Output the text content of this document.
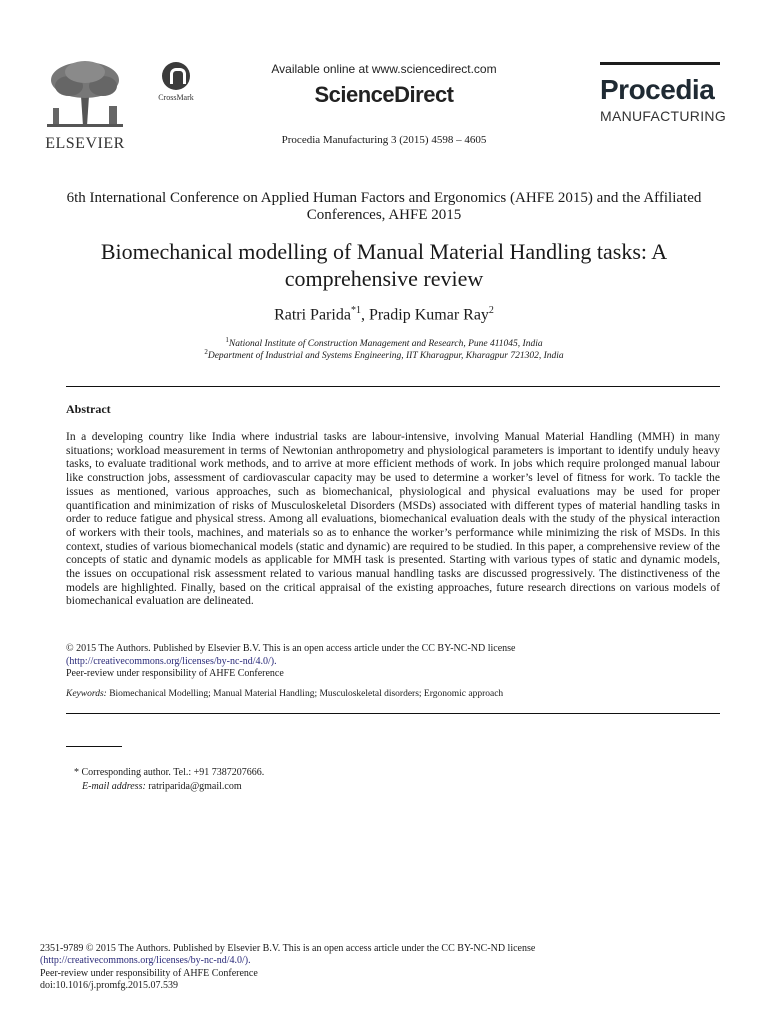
ELSEVIER
CrossMark
Available online at www.sciencedirect.com
ScienceDirect
Procedia Manufacturing 3 (2015) 4598 – 4605
Procedia
MANUFACTURING
6th International Conference on Applied Human Factors and Ergonomics (AHFE 2015) and the Affiliated Conferences, AHFE 2015
Biomechanical modelling of Manual Material Handling tasks: A comprehensive review
Ratri Parida$^{*1}$, Pradip Kumar Ray$^2$
$^1$National Institute of Construction Management and Research, Pune 411045, India
$^2$Department of Industrial and Systems Engineering, IIT Kharagpur, Kharagpur 721302, India
Abstract
In a developing country like India where industrial tasks are labour-intensive, involving Manual Material Handling (MMH) in many situations; workload measurement in terms of Newtonian anthropometry and physiological parameters is important to identify unduly heavy tasks, to evaluate traditional work methods, and to arrive at more efficient methods of work. In jobs which require prolonged manual labour like construction jobs, assessment of cardiovascular capacity may be used to determine a worker’s level of fitness for work. To tackle the issues as mentioned, various approaches, such as biomechanical, physiological and physical evaluations may be used for proper quantification and minimization of risks of Musculoskeletal Disorders (MSDs) associated with different types of material handling tasks in order to reduce fatigue and physical stress. Among all evaluations, biomechanical evaluation deals with the study of the physical interaction of workers with their tools, machines, and materials so as to enhance the worker’s performance while minimizing the risk of MSDs. In this context, studies of various biomechanical models (static and dynamic) are required to be studied. In this paper, a comprehensive review of the concepts of static and dynamic models as applicable for MMH task is presented. Starting with various types of static and dynamic models, the issues on occupational risk assessment related to various manual handling tasks are discussed progressively. The distinctiveness of the models are highlighted. Finally, based on the critical appraisal of the existing approaches, future research directions on various models of biomechanical evaluation are delineated.
© 2015 The Authors. Published by Elsevier B.V. This is an open access article under the CC BY-NC-ND license
(http://creativecommons.org/licenses/by-nc-nd/4.0/).
Peer-review under responsibility of AHFE Conference
Keywords: Biomechanical Modelling; Manual Material Handling; Musculoskeletal disorders; Ergonomic approach
* Corresponding author. Tel.: +91 7387207666.
E-mail address: ratriparida@gmail.com
2351-9789 © 2015 The Authors. Published by Elsevier B.V. This is an open access article under the CC BY-NC-ND license
(http://creativecommons.org/licenses/by-nc-nd/4.0/).
Peer-review under responsibility of AHFE Conference
doi:10.1016/j.promfg.2015.07.539
